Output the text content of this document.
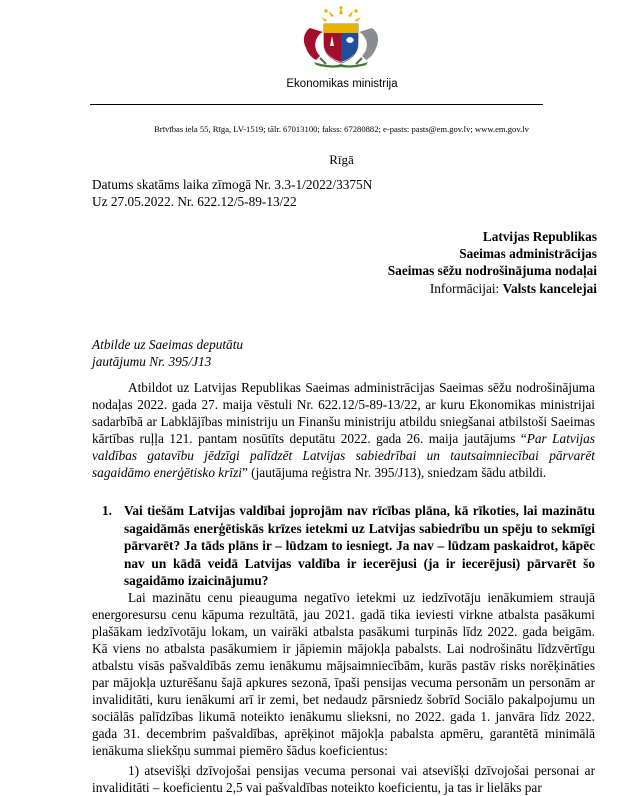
Ekonomikas ministrija
Brīvības iela 55, Rīga, LV-1519; tālr. 67013100; fakss: 67280882; e-pasts: pasts@em.gov.lv; www.em.gov.lv
Rīgā
Datums skatāms laika zīmogā Nr. 3.3-1/2022/3375N
Uz 27.05.2022. Nr. 622.12/5-89-13/22
Latvijas Republikas
Saeimas administrācijas
Saeimas sēžu nodrošinājuma nodaļai
Informācijai: Valsts kancelejai
Atbilde uz Saeimas deputātu
jautājumu Nr. 395/J13

Atbildot uz Latvijas Republikas Saeimas administrācijas Saeimas sēžu nodrošinājuma nodaļas 2022. gada 27. maija vēstuli Nr. 622.12/5-89-13/22, ar kuru Ekonomikas ministrijai sadarbībā ar Labklājības ministriju un Finanšu ministriju atbildu sniegšanai atbilstoši Saeimas kārtības ruļļa 121. pantam nosūtīts deputātu 2022. gada 26. maija jautājums “Par Latvijas valdības gatavību jēdzīgi palīdzēt Latvijas sabiedrībai un tautsaimniecībai pārvarēt sagaidāmo enerģētisko krīzi” (jautājuma reģistra Nr. 395/J13), sniedzam šādu atbildi.

1. Vai tiešām Latvijas valdībai joprojām nav rīcības plāna, kā rīkoties, lai mazinātu sagaidāmās enerģētiskās krīzes ietekmi uz Latvijas sabiedrību un spēju to sekmīgi pārvarēt? Ja tāds plāns ir – lūdzam to iesniegt. Ja nav – lūdzam paskaidrot, kāpēc nav un kādā veidā Latvijas valdība ir iecerējusi (ja ir iecerējusi) pārvarēt šo sagaidāmo izaicinājumu?

Lai mazinātu cenu pieauguma negatīvo ietekmi uz iedzīvotāju ienākumiem straujā energoresursu cenu kāpuma rezultātā, jau 2021. gadā tika ieviesti virkne atbalsta pasākumi plašākam iedzīvotāju lokam, un vairāki atbalsta pasākumi turpinās līdz 2022. gada beigām. Kā viens no atbalsta pasākumiem ir jāpiemin mājokļa pabalsts. Lai nodrošinātu līdzvērtīgu atbalstu visās pašvaldībās zemu ienākumu mājsaimniecībām, kurās pastāv risks norēķināties par mājokļa uzturēšanu šajā apkures sezonā, īpaši pensijas vecuma personām un personām ar invaliditāti, kuru ienākumi arī ir zemi, bet nedaudz pārsniedz šobrīd Sociālo pakalpojumu un sociālās palīdzības likumā noteikto ienākumu slieksni, no 2022. gada 1. janvāra līdz 2022. gada 31. decembrim pašvaldības, aprēķinot mājokļa pabalsta apmēru, garantētā minimālā ienākuma sliekšņu summai piemēro šādus koeficientus:

1) atsevišķi dzīvojošai pensijas vecuma personai vai atsevišķi dzīvojošai personai ar invaliditāti – koeficientu 2,5 vai pašvaldības noteikto koeficientu, ja tas ir lielāks par
